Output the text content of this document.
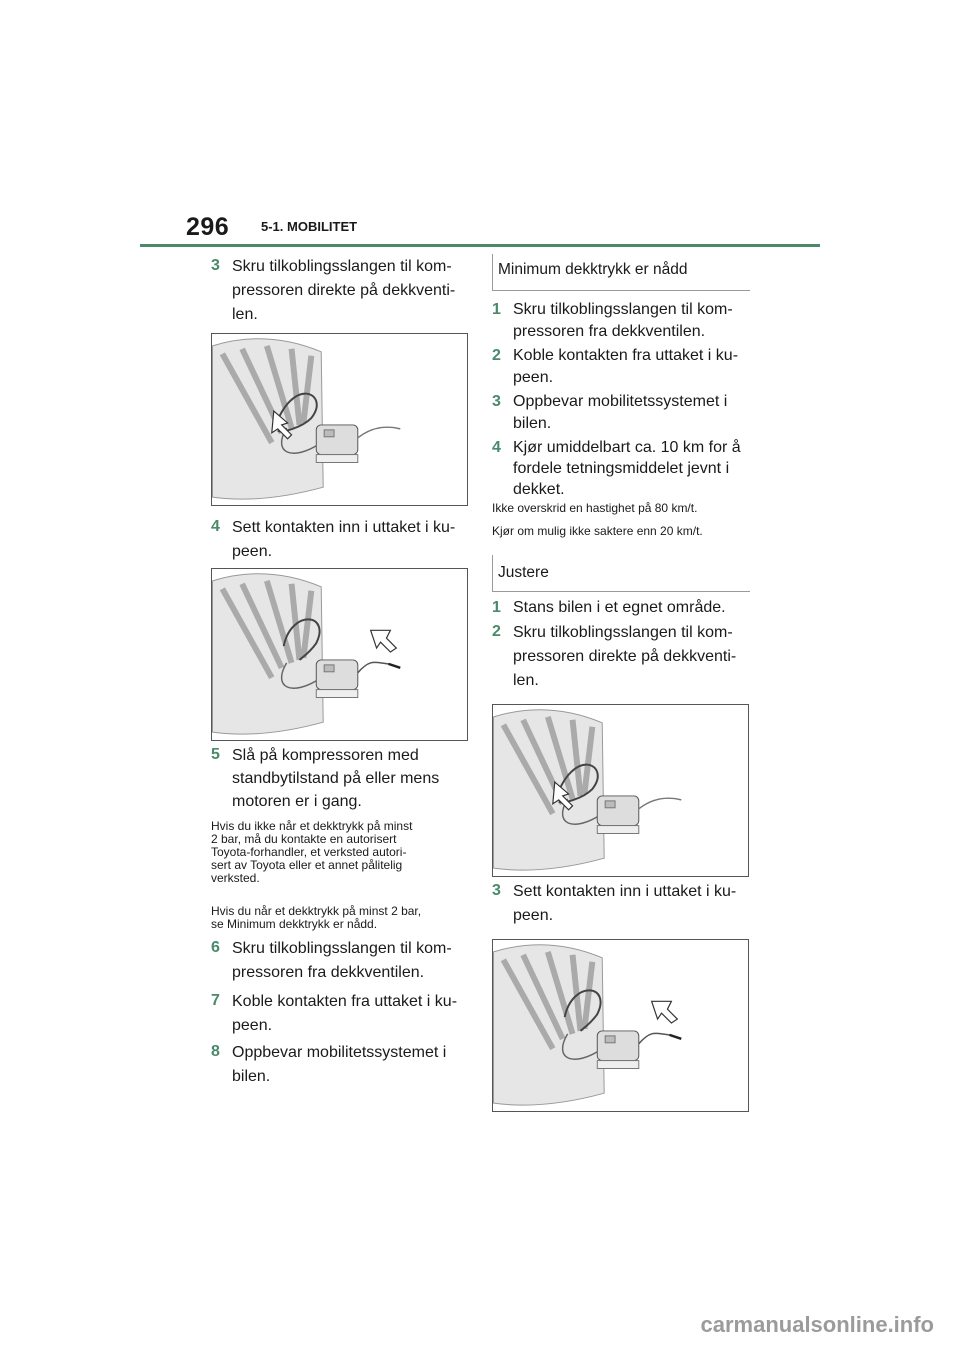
296 5-1. MOBILITET
3 Skru tilkoblingsslangen til kom-
pressoren direkte på dekkventi-
len.
4 Sett kontakten inn i uttaket i ku-
peen.
5 Slå på kompressoren med
standbytilstand på eller mens
motoren er i gang.
Hvis du ikke når et dekktrykk på minst
2 bar, må du kontakte en autorisert
Toyota-forhandler, et verksted autori-
sert av Toyota eller et annet pålitelig
verksted.
Hvis du når et dekktrykk på minst 2 bar,
se Minimum dekktrykk er nådd.
6 Skru tilkoblingsslangen til kom-
pressoren fra dekkventilen.
7 Koble kontakten fra uttaket i ku-
peen.
8 Oppbevar mobilitetssystemet i
bilen.
Minimum dekktrykk er nådd
1 Skru tilkoblingsslangen til kom-
pressoren fra dekkventilen.
2 Koble kontakten fra uttaket i ku-
peen.
3 Oppbevar mobilitetssystemet i
bilen.
4 Kjør umiddelbart ca. 10 km for å
fordele tetningsmiddelet jevnt i
dekket.
Ikke overskrid en hastighet på 80 km/t.
Kjør om mulig ikke saktere enn 20 km/t.
Justere
1 Stans bilen i et egnet område.
2 Skru tilkoblingsslangen til kom-
pressoren direkte på dekkventi-
len.
3 Sett kontakten inn i uttaket i ku-
peen.
carmanualsonline.info
